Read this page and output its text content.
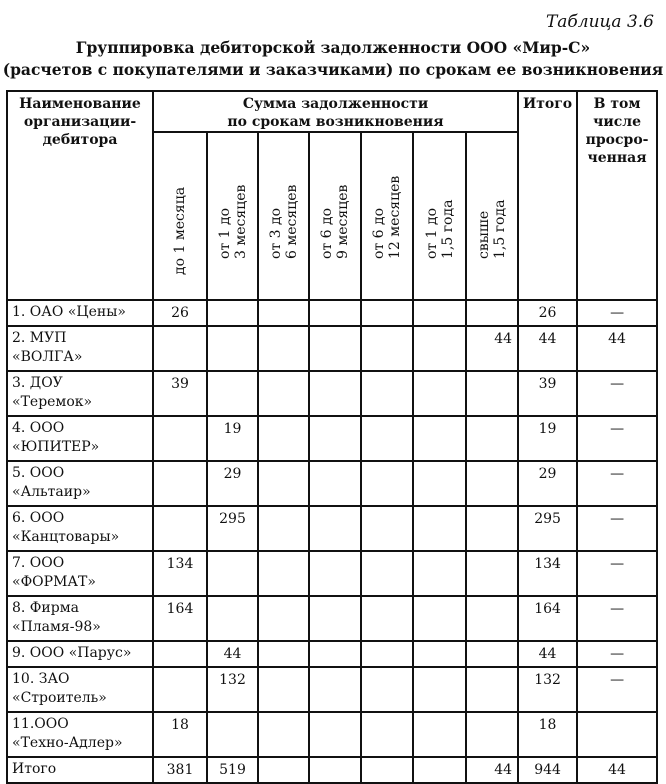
Таблица 3.6
Группировка дебиторской задолженности ООО «Мир-С»
(расчетов с покупателями и заказчиками) по срокам ее возникновения
Наименование
организации-
дебитора	Сумма задолженности
по срокам возникновения							Итого	В том
числе
просро-
ченная

	до 1 месяца	от 1 до 3 месяцев	от 3 до 6 месяцев	от 6 до 9 месяцев	от 6 до 12 месяцев	от 1 до 1,5 года	свыше 1,5 года		

1. ОАО «Цены»	26							26	—

2. МУП
«ВОЛГА»							44	44	44

3. ДОУ
«Теремок»	39							39	—

4. ООО
«ЮПИТЕР»		19						19	—

5. ООО
«Альтаир»		29						29	—

6. ООО
«Канцтовары»		295						295	—

7. ООО
«ФОРМАТ»	134							134	—

8. Фирма
«Пламя-98»	164							164	—

9. ООО «Парус»		44						44	—

10. ЗАО
«Строитель»		132						132	—

11.ООО
«Техно-Адлер»	18							18	

Итого	381	519					44	944	44
